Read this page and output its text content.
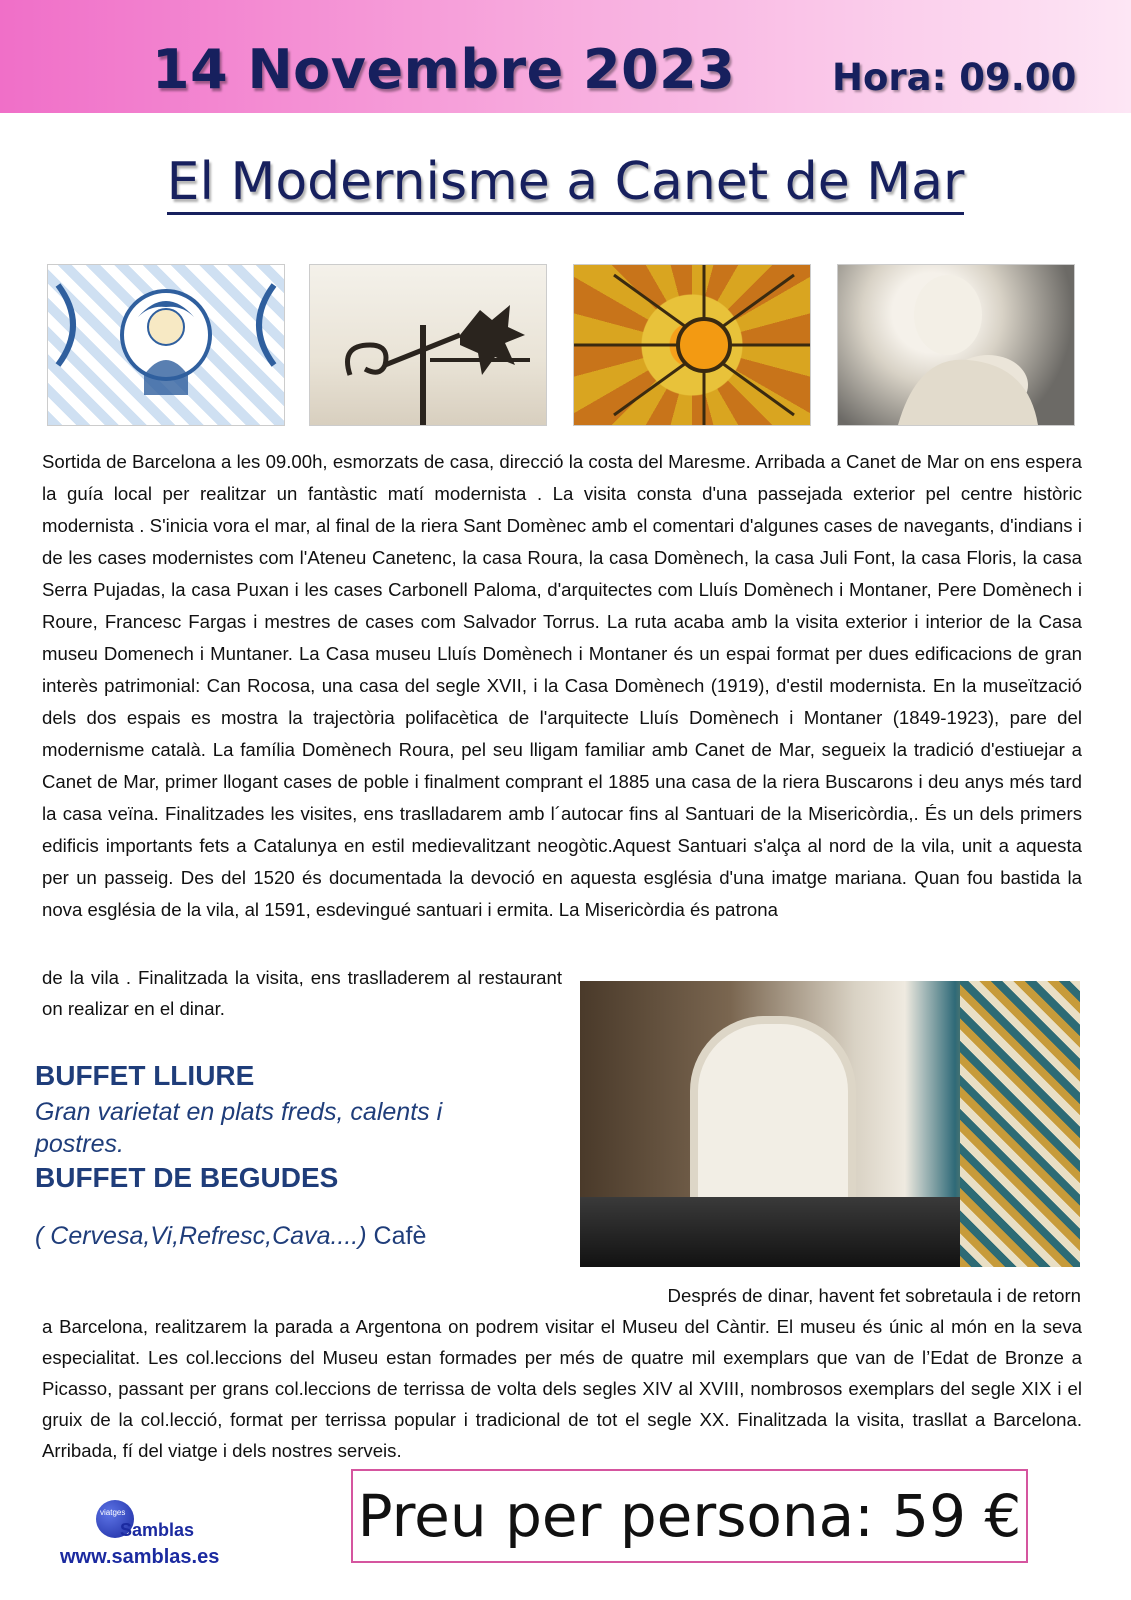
14 Novembre 2023	Hora: 09.00
El Modernisme a Canet de Mar
Sortida de Barcelona a les 09.00h, esmorzats de casa, direcció la costa del Maresme. Arribada a Canet de Mar on ens espera la guía local per realitzar un fantàstic matí modernista . La visita consta d'una passejada exterior pel centre històric modernista . S'inicia vora el mar, al final de la riera Sant Domènec amb el comentari d'algunes cases de navegants, d'indians i de les cases modernistes com l'Ateneu Canetenc, la casa Roura, la casa Domènech, la casa Juli Font, la casa Floris, la casa Serra Pujadas, la casa Puxan i les cases Carbonell Paloma, d'arquitectes com Lluís Domènech i Montaner, Pere Domènech i Roure, Francesc Fargas i mestres de cases com Salvador Torrus. La ruta acaba amb la visita exterior i interior de la Casa museu Domenech i Muntaner. La Casa museu Lluís Domènech i Montaner és un espai format per dues edificacions de gran interès patrimonial: Can Rocosa, una casa del segle XVII, i la Casa Domènech (1919), d'estil modernista. En la museïtzació dels dos espais es mostra la trajectòria polifacètica de l'arquitecte Lluís Domènech i Montaner (1849-1923), pare del modernisme català. La família Domènech Roura, pel seu lligam familiar amb Canet de Mar, segueix la tradició d'estiuejar a Canet de Mar, primer llogant cases de poble i finalment comprant el 1885 una casa de la riera Buscarons i deu anys més tard la casa veïna. Finalitzades les visites, ens traslladarem amb l´autocar fins al Santuari de la Misericòrdia,. És un dels primers edificis importants fets a Catalunya en estil medievalitzant neogòtic.Aquest Santuari s'alça al nord de la vila, unit a aquesta per un passeig. Des del 1520 és documentada la devoció en aquesta església d'una imatge mariana. Quan fou bastida la nova església de la vila, al 1591, esdevingué santuari i ermita. La Misericòrdia és patrona
de la vila . Finalitzada la visita, ens traslladerem al restaurant on realizar en el dinar.
BUFFET LLIURE
Gran varietat en plats freds, calents i postres.
BUFFET DE BEGUDES
( Cervesa,Vi,Refresc,Cava....) Cafè
Després de dinar, havent fet sobretaula i de retorn
a Barcelona, realitzarem la parada a Argentona on podrem visitar el Museu del Càntir. El museu és únic al món en la seva especialitat. Les col.leccions del Museu estan formades per més de quatre mil exemplars que van de l’Edat de Bronze a Picasso, passant per grans col.leccions de terrissa de volta dels segles XIV al XVIII, nombrosos exemplars del segle XIX i el gruix de la col.lecció, format per terrissa popular i tradicional de tot el segle XX. Finalitzada la visita, trasllat a Barcelona. Arribada, fí del viatge i dels nostres serveis.
viatges
Samblas
www.samblas.es
Preu per persona: 59 €
